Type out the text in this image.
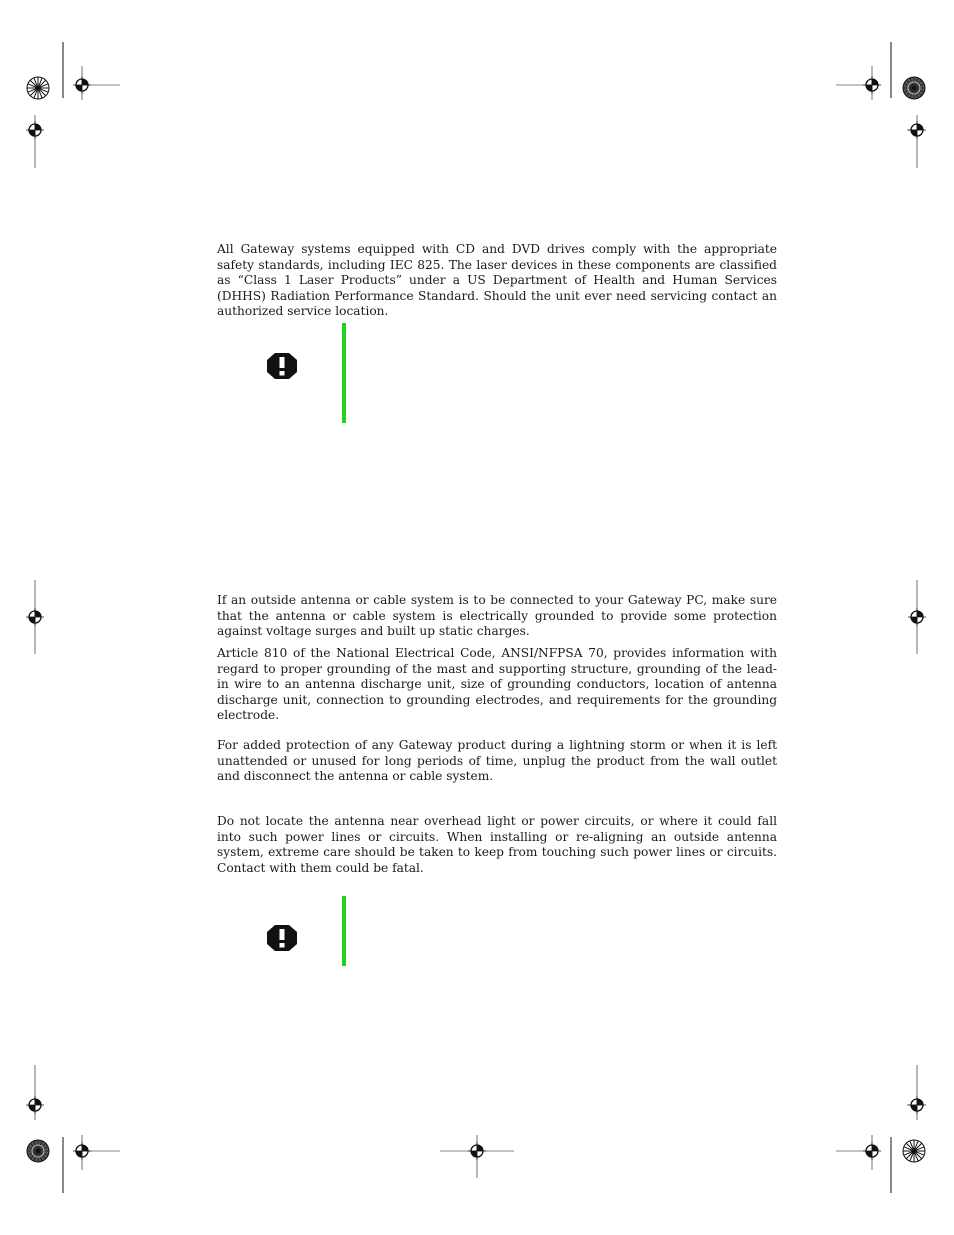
All Gateway systems equipped with CD and DVD drives comply with the appropriate safety standards, including IEC 825. The laser devices in these components are classified as “Class 1 Laser Products” under a US Department of Health and Human Services (DHHS) Radiation Performance Standard. Should the unit ever need servicing contact an authorized service location.

If an outside antenna or cable system is to be connected to your Gateway PC, make sure that the antenna or cable system is electrically grounded to provide some protection against voltage surges and built up static charges.

Article 810 of the National Electrical Code, ANSI/NFPSA 70, provides information with regard to proper grounding of the mast and supporting structure, grounding of the lead-in wire to an antenna discharge unit, size of grounding conductors, location of antenna discharge unit, connection to grounding electrodes, and requirements for the grounding electrode.

For added protection of any Gateway product during a lightning storm or when it is left unattended or unused for long periods of time, unplug the product from the wall outlet and disconnect the antenna or cable system.

Do not locate the antenna near overhead light or power circuits, or where it could fall into such power lines or circuits. When installing or re-aligning an outside antenna system, extreme care should be taken to keep from touching such power lines or circuits. Contact with them could be fatal.
